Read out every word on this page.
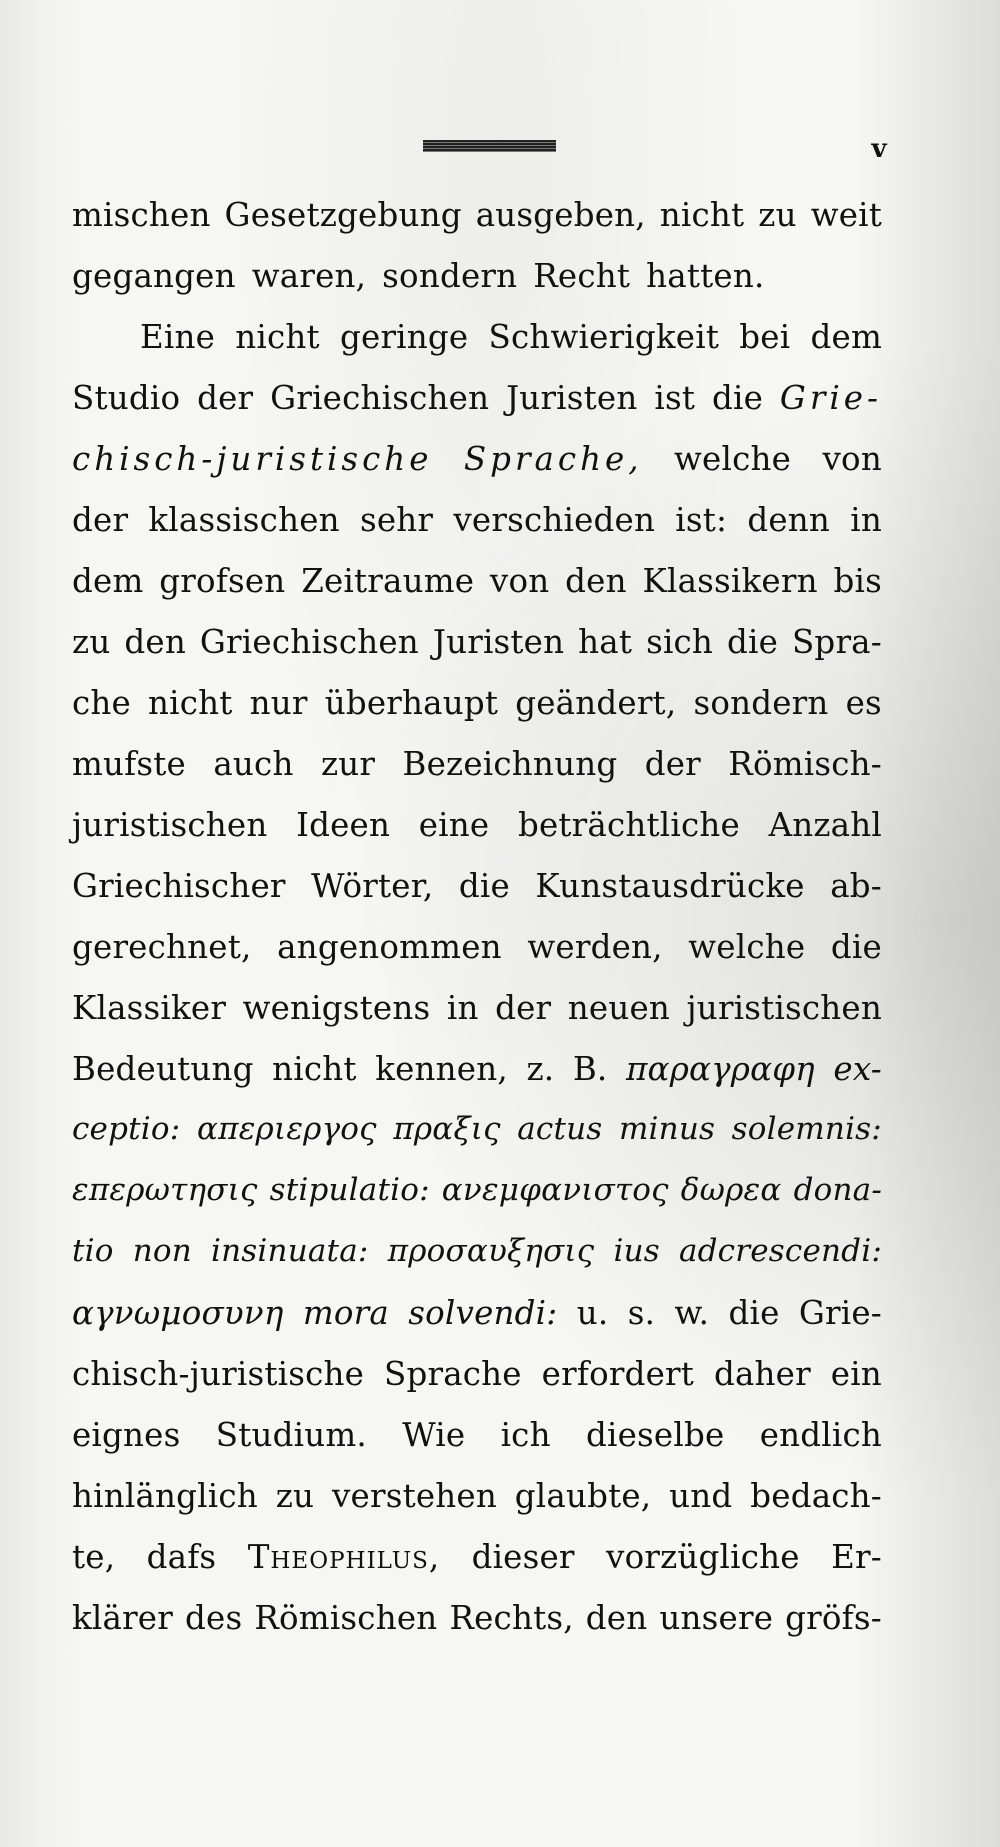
v
mischen Gesetzgebung ausgeben, nicht zu weit
gegangen waren, sondern Recht hatten.
Eine nicht geringe Schwierigkeit bei dem
Studio der Griechischen Juristen ist die Grie-
chisch-juristische Sprache, welche von
der klassischen sehr verschieden ist: denn in
dem grofsen Zeitraume von den Klassikern bis
zu den Griechischen Juristen hat sich die Spra-
che nicht nur überhaupt geändert, sondern es
mufste auch zur Bezeichnung der Römisch-
juristischen Ideen eine beträchtliche Anzahl
Griechischer Wörter, die Kunstausdrücke ab-
gerechnet, angenommen werden, welche die
Klassiker wenigstens in der neuen juristischen
Bedeutung nicht kennen, z. B. παραγραφη ex-
ceptio: απεριεργος πραξις actus minus solemnis:
επερωτησις stipulatio: ανεμφανιστος δωρεα dona-
tio non insinuata: προσαυξησις ius adcrescendi:
αγνωμοσυνη mora solvendi: u. s. w. die Grie-
chisch-juristische Sprache erfordert daher ein
eignes Studium. Wie ich dieselbe endlich
hinlänglich zu verstehen glaubte, und bedach-
te, dafs Theophilus, dieser vorzügliche Er-
klärer des Römischen Rechts, den unsere gröfs-
